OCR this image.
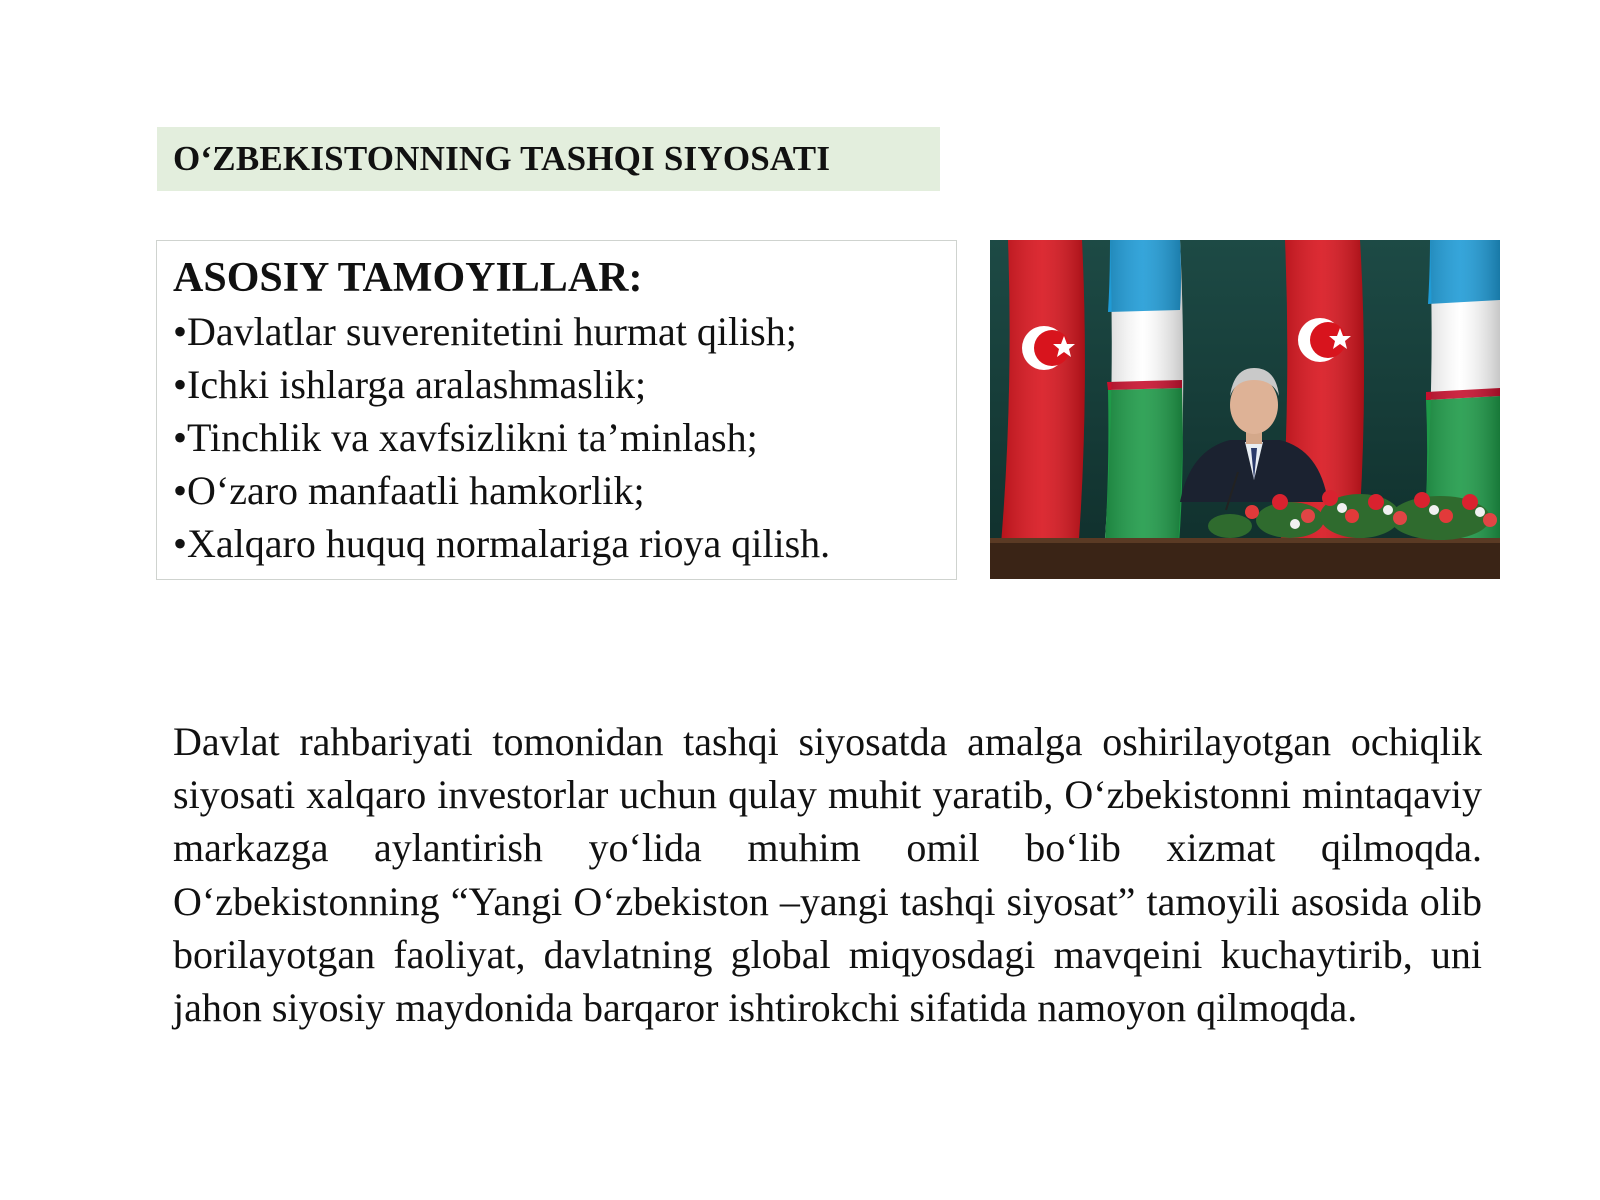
O‘ZBEKISTONNING TASHQI SIYOSATI
ASOSIY TAMOYILLAR:
•Davlatlar suverenitetini hurmat qilish;
•Ichki ishlarga aralashmaslik;
•Tinchlik va xavfsizlikni ta’minlash;
•O‘zaro manfaatli hamkorlik;
•Xalqaro huquq normalariga rioya qilish.

Davlat rahbariyati tomonidan tashqi siyosatda amalga oshirilayotgan ochiqlik siyosati xalqaro investorlar uchun qulay muhit yaratib, O‘zbekistonni mintaqaviy markazga aylantirish yo‘lida muhim omil bo‘lib xizmat qilmoqda. O‘zbekistonning “Yangi O‘zbekiston –yangi tashqi siyosat” tamoyili asosida olib borilayotgan faoliyat, davlatning global miqyosdagi mavqeini kuchaytirib, uni jahon siyosiy maydonida barqaror ishtirokchi sifatida namoyon qilmoqda.
